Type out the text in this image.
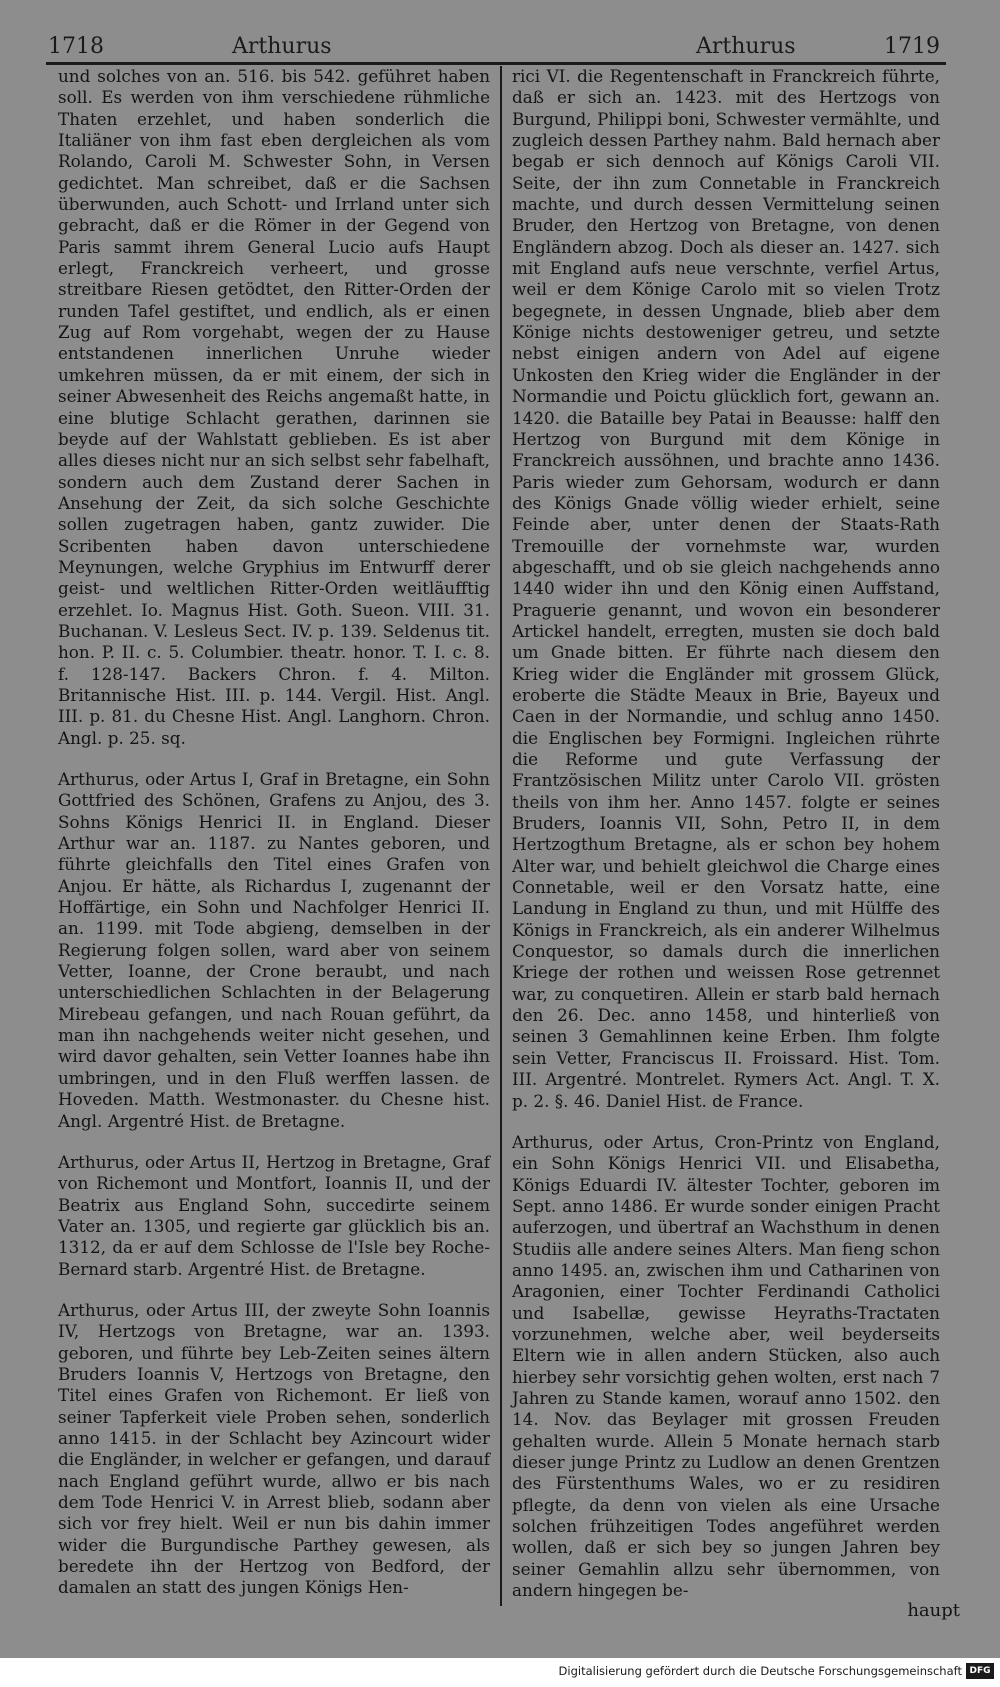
1718	Arthurus	Arthurus	1719

und solches von an. 516. bis 542. geführet haben soll. Es werden von ihm verschiedene rühmliche Thaten erzehlet, und haben sonderlich die Italiäner von ihm fast eben dergleichen als vom Rolando, Caroli M. Schwester Sohn, in Versen gedichtet. Man schreibet, daß er die Sachsen überwunden, auch Schott- und Irrland unter sich gebracht, daß er die Römer in der Gegend von Paris sammt ihrem General Lucio aufs Haupt erlegt, Franckreich verheert, und grosse streitbare Riesen getödtet, den Ritter-Orden der runden Tafel gestiftet, und endlich, als er einen Zug auf Rom vorgehabt, wegen der zu Hause entstandenen innerlichen Unruhe wieder umkehren müssen, da er mit einem, der sich in seiner Abwesenheit des Reichs angemaßt hatte, in eine blutige Schlacht gerathen, darinnen sie beyde auf der Wahlstatt geblieben. Es ist aber alles dieses nicht nur an sich selbst sehr fabelhaft, sondern auch dem Zustand derer Sachen in Ansehung der Zeit, da sich solche Geschichte sollen zugetragen haben, gantz zuwider. Die Scribenten haben davon unterschiedene Meynungen, welche Gryphius im Entwurff derer geist- und weltlichen Ritter-Orden weitläufftig erzehlet. Io. Magnus Hist. Goth. Sueon. VIII. 31. Buchanan. V. Lesleus Sect. IV. p. 139. Seldenus tit. hon. P. II. c. 5. Columbier. theatr. honor. T. I. c. 8. f. 128-147. Backers Chron. f. 4. Milton. Britannische Hist. III. p. 144. Vergil. Hist. Angl. III. p. 81. du Chesne Hist. Angl. Langhorn. Chron. Angl. p. 25. sq.

Arthurus, oder Artus I, Graf in Bretagne, ein Sohn Gottfried des Schönen, Grafens zu Anjou, des 3. Sohns Königs Henrici II. in England. Dieser Arthur war an. 1187. zu Nantes geboren, und führte gleichfalls den Titel eines Grafen von Anjou. Er hätte, als Richardus I, zugenannt der Hoffärtige, ein Sohn und Nachfolger Henrici II. an. 1199. mit Tode abgieng, demselben in der Regierung folgen sollen, ward aber von seinem Vetter, Ioanne, der Crone beraubt, und nach unterschiedlichen Schlachten in der Belagerung Mirebeau gefangen, und nach Rouan geführt, da man ihn nachgehends weiter nicht gesehen, und wird davor gehalten, sein Vetter Ioannes habe ihn umbringen, und in den Fluß werffen lassen. de Hoveden. Matth. Westmonaster. du Chesne hist. Angl. Argentré Hist. de Bretagne.

Arthurus, oder Artus II, Hertzog in Bretagne, Graf von Richemont und Montfort, Ioannis II, und der Beatrix aus England Sohn, succedirte seinem Vater an. 1305, und regierte gar glücklich bis an. 1312, da er auf dem Schlosse de l'Isle bey Roche-Bernard starb. Argentré Hist. de Bretagne.

Arthurus, oder Artus III, der zweyte Sohn Ioannis IV, Hertzogs von Bretagne, war an. 1393. geboren, und führte bey Leb-Zeiten seines ältern Bruders Ioannis V, Hertzogs von Bretagne, den Titel eines Grafen von Richemont. Er ließ von seiner Tapferkeit viele Proben sehen, sonderlich anno 1415. in der Schlacht bey Azincourt wider die Engländer, in welcher er gefangen, und darauf nach England geführt wurde, allwo er bis nach dem Tode Henrici V. in Arrest blieb, sodann aber sich vor frey hielt. Weil er nun bis dahin immer wider die Burgundische Parthey gewesen, als beredete ihn der Hertzog von Bedford, der damalen an statt des jungen Königs Hen-

rici VI. die Regentenschaft in Franckreich führte, daß er sich an. 1423. mit des Hertzogs von Burgund, Philippi boni, Schwester vermählte, und zugleich dessen Parthey nahm. Bald hernach aber begab er sich dennoch auf Königs Caroli VII. Seite, der ihn zum Connetable in Franckreich machte, und durch dessen Vermittelung seinen Bruder, den Hertzog von Bretagne, von denen Engländern abzog. Doch als dieser an. 1427. sich mit England aufs neue verschnte, verfiel Artus, weil er dem Könige Carolo mit so vielen Trotz begegnete, in dessen Ungnade, blieb aber dem Könige nichts destoweniger getreu, und setzte nebst einigen andern von Adel auf eigene Unkosten den Krieg wider die Engländer in der Normandie und Poictu glücklich fort, gewann an. 1420. die Bataille bey Patai in Beausse: halff den Hertzog von Burgund mit dem Könige in Franckreich aussöhnen, und brachte anno 1436. Paris wieder zum Gehorsam, wodurch er dann des Königs Gnade völlig wieder erhielt, seine Feinde aber, unter denen der Staats-Rath Tremouille der vornehmste war, wurden abgeschafft, und ob sie gleich nachgehends anno 1440 wider ihn und den König einen Auffstand, Praguerie genannt, und wovon ein besonderer Artickel handelt, erregten, musten sie doch bald um Gnade bitten. Er führte nach diesem den Krieg wider die Engländer mit grossem Glück, eroberte die Städte Meaux in Brie, Bayeux und Caen in der Normandie, und schlug anno 1450. die Englischen bey Formigni. Ingleichen rührte die Reforme und gute Verfassung der Frantzösischen Militz unter Carolo VII. grösten theils von ihm her. Anno 1457. folgte er seines Bruders, Ioannis VII, Sohn, Petro II, in dem Hertzogthum Bretagne, als er schon bey hohem Alter war, und behielt gleichwol die Charge eines Connetable, weil er den Vorsatz hatte, eine Landung in England zu thun, und mit Hülffe des Königs in Franckreich, als ein anderer Wilhelmus Conquestor, so damals durch die innerlichen Kriege der rothen und weissen Rose getrennet war, zu conquetiren. Allein er starb bald hernach den 26. Dec. anno 1458, und hinterließ von seinen 3 Gemahlinnen keine Erben. Ihm folgte sein Vetter, Franciscus II. Froissard. Hist. Tom. III. Argentré. Montrelet. Rymers Act. Angl. T. X. p. 2. §. 46. Daniel Hist. de France.

Arthurus, oder Artus, Cron-Printz von England, ein Sohn Königs Henrici VII. und Elisabetha, Königs Eduardi IV. ältester Tochter, geboren im Sept. anno 1486. Er wurde sonder einigen Pracht auferzogen, und übertraf an Wachsthum in denen Studiis alle andere seines Alters. Man fieng schon anno 1495. an, zwischen ihm und Catharinen von Aragonien, einer Tochter Ferdinandi Catholici und Isabellæ, gewisse Heyraths-Tractaten vorzunehmen, welche aber, weil beyderseits Eltern wie in allen andern Stücken, also auch hierbey sehr vorsichtig gehen wolten, erst nach 7 Jahren zu Stande kamen, worauf anno 1502. den 14. Nov. das Beylager mit grossen Freuden gehalten wurde. Allein 5 Monate hernach starb dieser junge Printz zu Ludlow an denen Grentzen des Fürstenthums Wales, wo er zu residiren pflegte, da denn von vielen als eine Ursache solchen frühzeitigen Todes angeführet werden wollen, daß er sich bey so jungen Jahren bey seiner Gemahlin allzu sehr übernommen, von andern hingegen be-

haupt
Digitalisierung gefördert durch die Deutsche Forschungsgemeinschaft DFG
